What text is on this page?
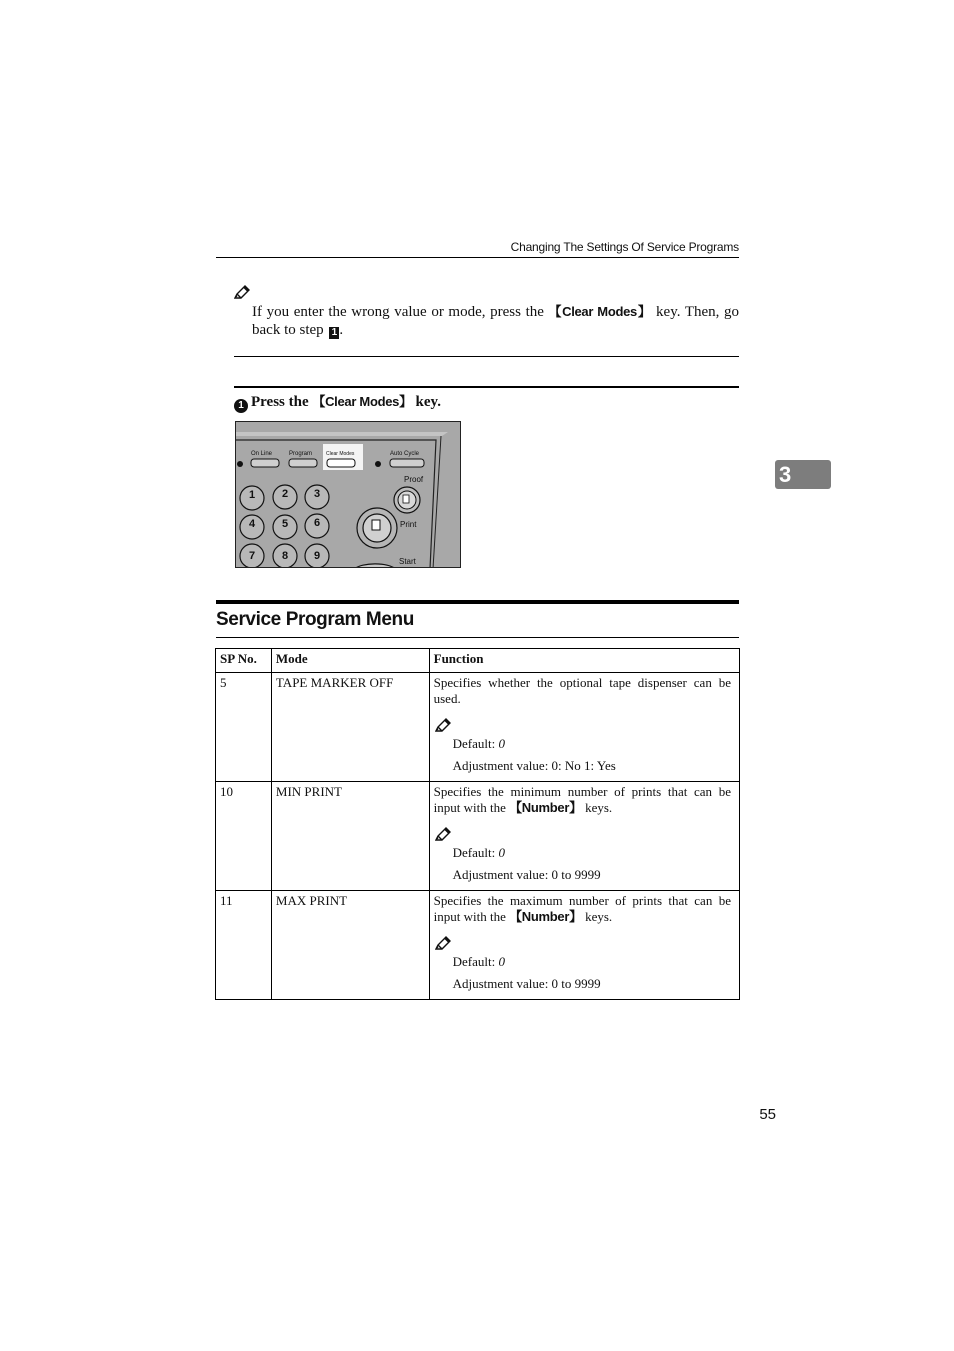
Changing The Settings Of Service Programs
If you enter the wrong value or mode, press the 【Clear Modes】 key. Then, go back to step 1 .
1 Press the 【Clear Modes】 key.
On Line	Program	Clear Modes	Auto Cycle
1 2 3
4 5 6
7 8 9
Proof
Print
Start
3
Service Program Menu
SP No.	Mode	Function

5	TAPE MARKER OFF	Specifies whether the optional tape dispenser can be used.
Default: 0
Adjustment value: 0: No 1: Yes

10	MIN PRINT	Specifies the minimum number of prints that can be input with the 【Number】 keys.
Default: 0
Adjustment value: 0 to 9999

11	MAX PRINT	Specifies the maximum number of prints that can be input with the 【Number】 keys.
Default: 0
Adjustment value: 0 to 9999
55
